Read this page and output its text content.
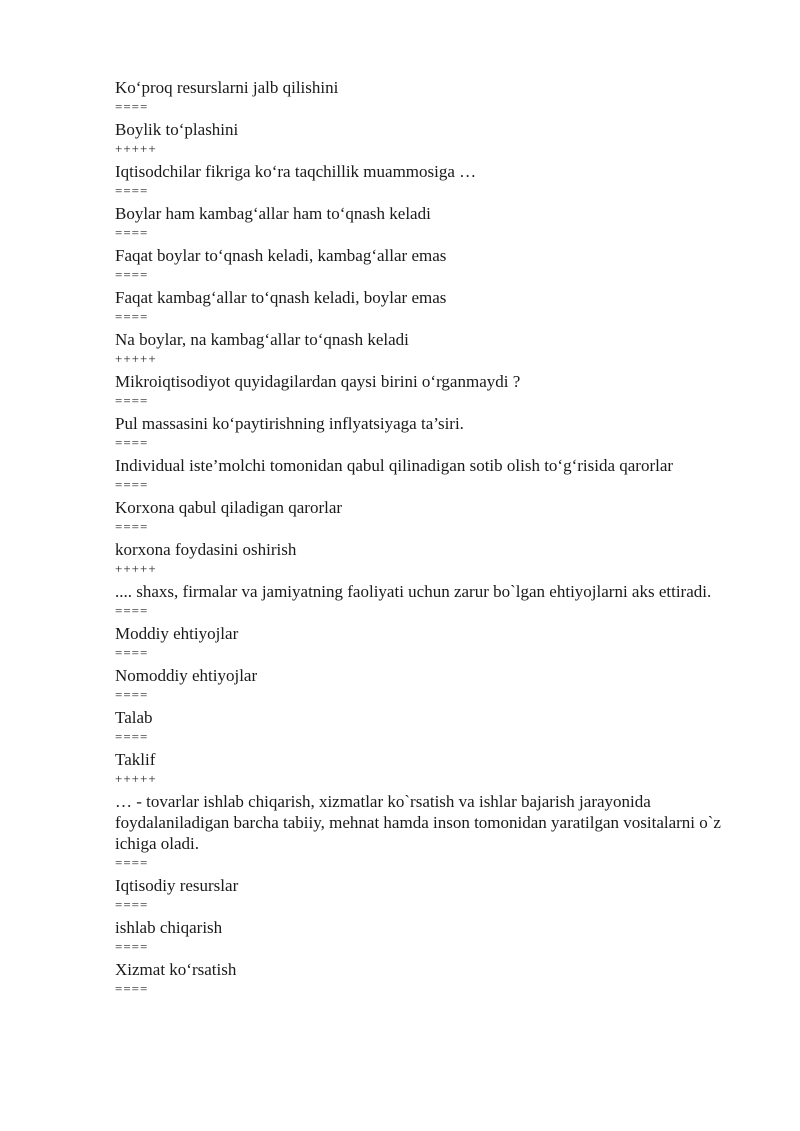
Ko‘proq resurslarni jalb qilishini
====
Boylik to‘plashini
+++++
Iqtisodchilar fikriga ko‘ra taqchillik muammosiga …
====
Boylar ham kambag‘allar ham to‘qnash keladi
====
Faqat boylar to‘qnash keladi, kambag‘allar emas
====
Faqat kambag‘allar to‘qnash keladi, boylar emas
====
Na boylar, na kambag‘allar to‘qnash keladi
+++++
Mikroiqtisodiyot quyidagilardan qaysi birini o‘rganmaydi ?
====
Pul massasini ko‘paytirishning inflyatsiyaga ta’siri.
====
Individual iste’molchi tomonidan qabul qilinadigan sotib olish to‘g‘risida qarorlar
====
Korxona qabul qiladigan qarorlar
====
korxona foydasini oshirish
+++++
.... shaxs, firmalar va jamiyatning faoliyati uchun zarur bo`lgan ehtiyojlarni aks ettiradi.
====
Moddiy ehtiyojlar
====
Nomoddiy ehtiyojlar
====
Talab
====
Taklif
+++++
… - tovarlar ishlab chiqarish, xizmatlar ko`rsatish va ishlar bajarish jarayonida foydalaniladigan barcha tabiiy, mehnat hamda inson tomonidan yaratilgan vositalarni o`z ichiga oladi.
====
Iqtisodiy resurslar
====
ishlab chiqarish
====
Xizmat ko‘rsatish
====
